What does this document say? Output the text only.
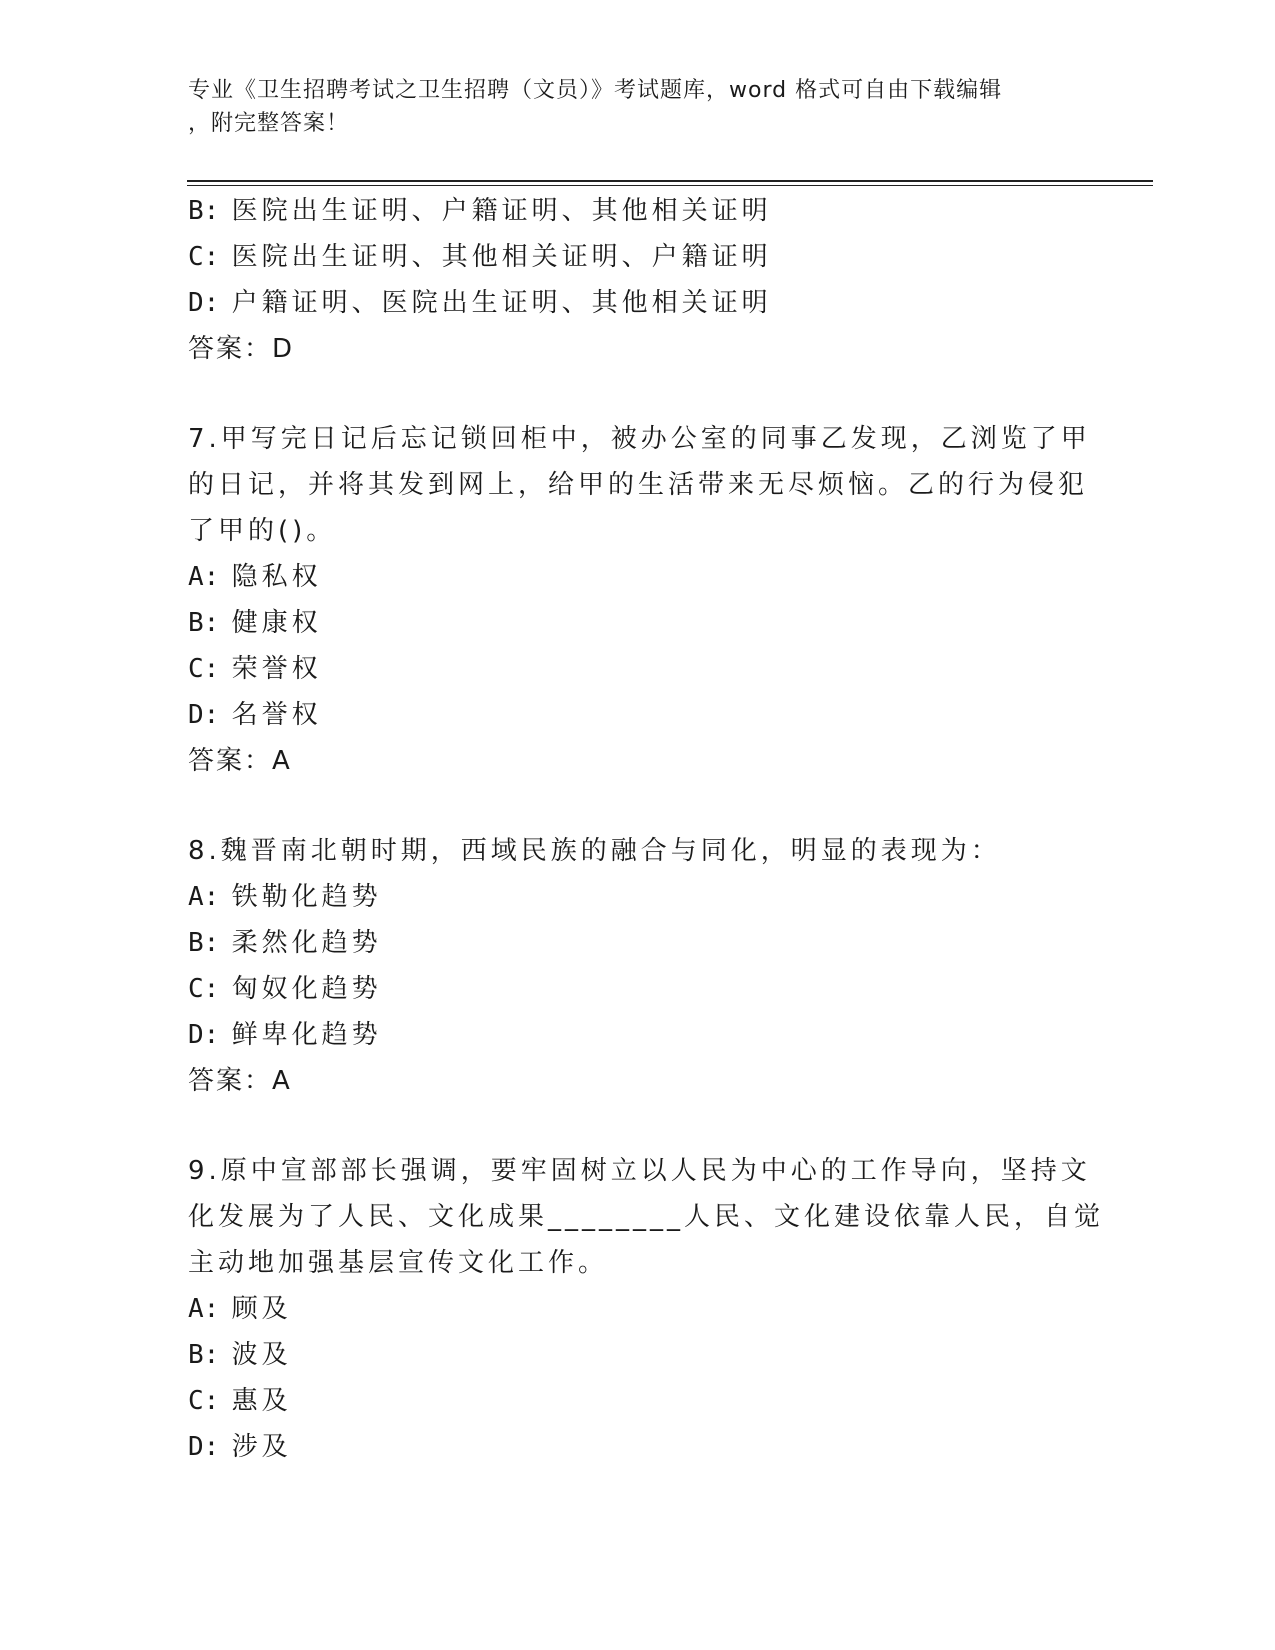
专业《卫生招聘考试之卫生招聘（文员）》考试题库，word 格式可自由下载编辑
，附完整答案！
B: 医院出生证明、户籍证明、其他相关证明
C: 医院出生证明、其他相关证明、户籍证明
D: 户籍证明、医院出生证明、其他相关证明
答案：D
7.甲写完日记后忘记锁回柜中，被办公室的同事乙发现，乙浏览了甲
的日记，并将其发到网上，给甲的生活带来无尽烦恼。乙的行为侵犯
了甲的()。
A: 隐私权
B: 健康权
C: 荣誉权
D: 名誉权
答案：A
8.魏晋南北朝时期，西域民族的融合与同化，明显的表现为：
A: 铁勒化趋势
B: 柔然化趋势
C: 匈奴化趋势
D: 鲜卑化趋势
答案：A
9.原中宣部部长强调，要牢固树立以人民为中心的工作导向，坚持文
化发展为了人民、文化成果________人民、文化建设依靠人民，自觉
主动地加强基层宣传文化工作。
A: 顾及
B: 波及
C: 惠及
D: 涉及
